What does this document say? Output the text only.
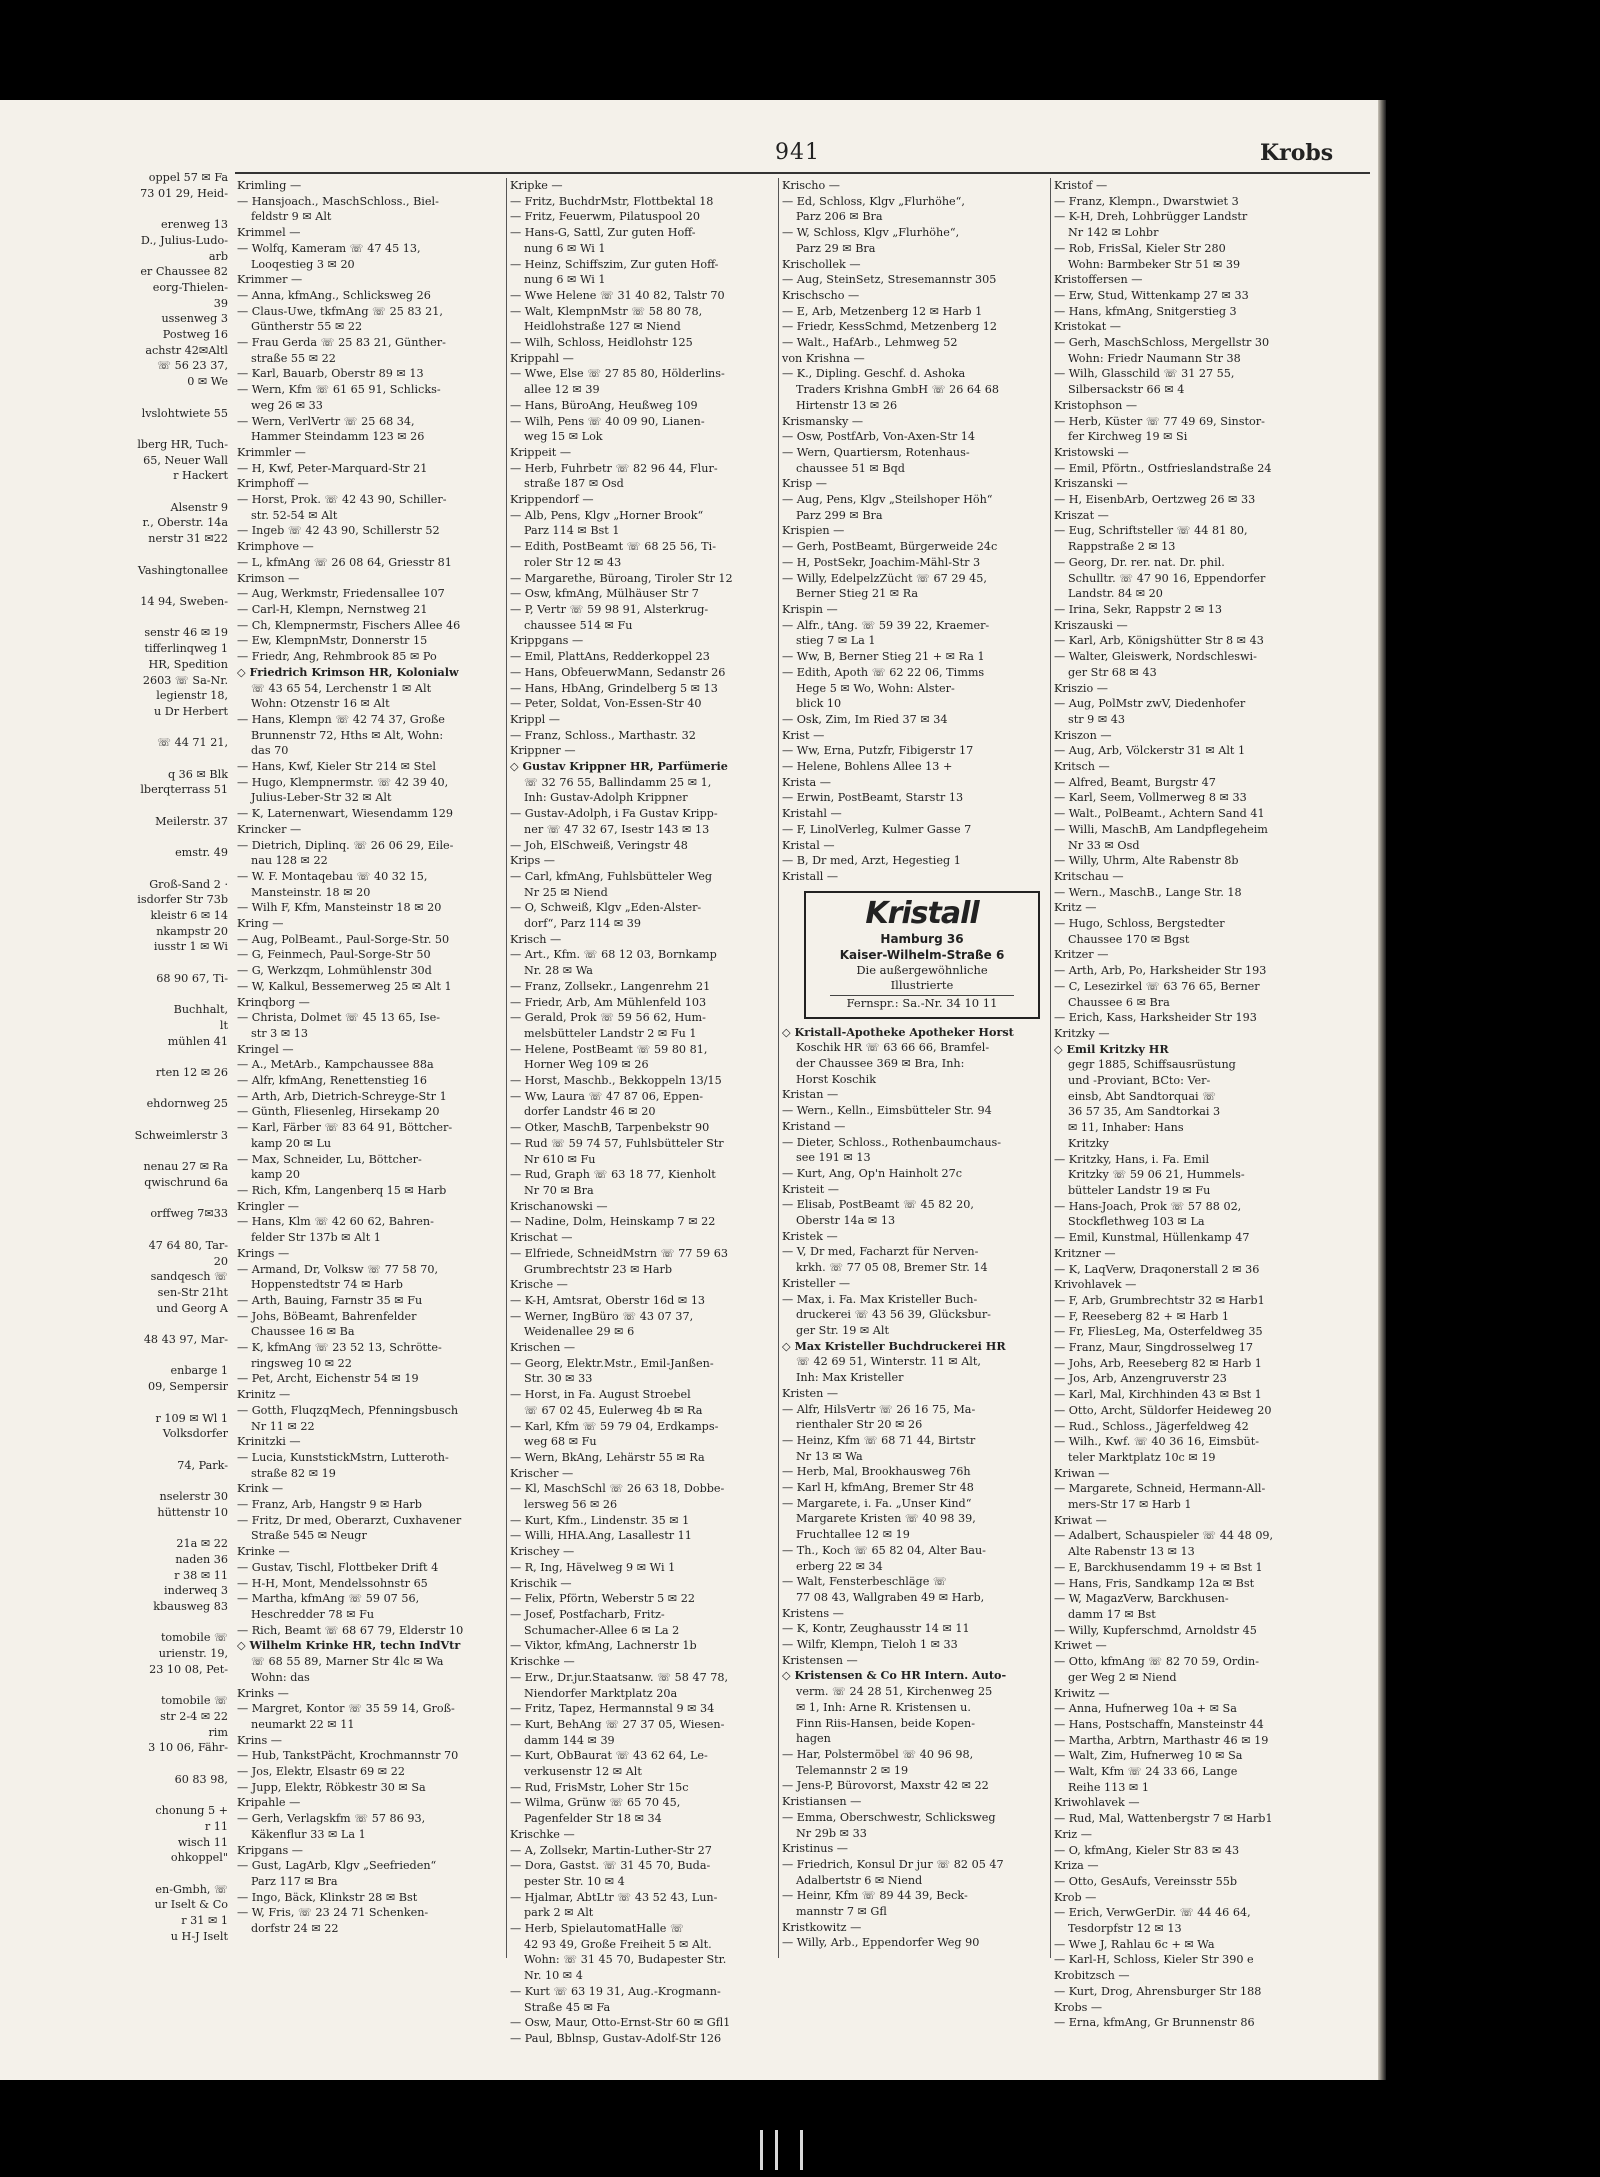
oppel 57 ✉ Fa
73 01 29, Heid-

erenweg 13
D., Julius-Ludo-
arb
er Chaussee 82
eorg-Thielen-
39
ussenweg 3
Postweg 16
achstr 42✉Altl
☏ 56 23 37,
0 ✉ We

lvslohtwiete 55

lberg HR, Tuch-
65, Neuer Wall
r Hackert

Alsenstr 9
r., Oberstr. 14a
nerstr 31 ✉22

Vashingtonallee

14 94, Sweben-

senstr 46 ✉ 19
tifferlinqweg 1
HR, Spedition
2603 ☏ Sa-Nr.
legienstr 18,
u Dr Herbert

☏ 44 71 21,

q 36 ✉ Blk
lberqterrass 51

Meilerstr. 37

emstr. 49

Groß-Sand 2 ·
isdorfer Str 73b
kleistr 6 ✉ 14
nkampstr 20
iusstr 1 ✉ Wi

68 90 67, Ti-

Buchhalt,
lt
mühlen 41

rten 12 ✉ 26

ehdornweg 25

Schweimlerstr 3

nenau 27 ✉ Ra
qwischrund 6a

orffweg 7✉33

47 64 80, Tar-
20
sandqesch ☏
sen-Str 21ht
und Georg A

48 43 97, Mar-

enbarge 1
09, Sempersir

r 109 ✉ Wl 1
Volksdorfer

74, Park-

nselerstr 30
hüttenstr 10

21a ✉ 22
naden 36
r 38 ✉ 11
inderweq 3
kbausweg 83

tomobile ☏
urienstr. 19,
23 10 08, Pet-

tomobile ☏
str 2-4 ✉ 22
rim
3 10 06, Fähr-

60 83 98,

chonung 5 +
r 11
wisch 11
ohkoppel"

en-Gmbh, ☏
ur Iselt & Co
r 31 ✉ 1
u H-J Iselt
941	Krobs
Krimling —
— Hansjoach., MaschSchloss., Biel-
feldstr 9 ✉ Alt
Krimmel —
— Wolfq, Kameram ☏ 47 45 13,
Looqestieg 3 ✉ 20
Krimmer —
— Anna, kfmAng., Schlicksweg 26
— Claus-Uwe, tkfmAng ☏ 25 83 21,
Güntherstr 55 ✉ 22
— Frau Gerda ☏ 25 83 21, Günther-
straße 55 ✉ 22
— Karl, Bauarb, Oberstr 89 ✉ 13
— Wern, Kfm ☏ 61 65 91, Schlicks-
weg 26 ✉ 33
— Wern, VerlVertr ☏ 25 68 34,
Hammer Steindamm 123 ✉ 26
Krimmler —
— H, Kwf, Peter-Marquard-Str 21
Krimphoff —
— Horst, Prok. ☏ 42 43 90, Schiller-
str. 52-54 ✉ Alt
— Ingeb ☏ 42 43 90, Schillerstr 52
Krimphove —
— L, kfmAng ☏ 26 08 64, Griesstr 81
Krimson —
— Aug, Werkmstr, Friedensallee 107
— Carl-H, Klempn, Nernstweg 21
— Ch, Klempnermstr, Fischers Allee 46
— Ew, KlempnMstr, Donnerstr 15
— Friedr, Ang, Rehmbrook 85 ✉ Po
◇ Friedrich Krimson HR, Kolonialw
☏ 43 65 54, Lerchenstr 1 ✉ Alt
Wohn: Otzenstr 16 ✉ Alt
— Hans, Klempn ☏ 42 74 37, Große
Brunnenstr 72, Hths ✉ Alt, Wohn:
das 70
— Hans, Kwf, Kieler Str 214 ✉ Stel
— Hugo, Klempnermstr. ☏ 42 39 40,
Julius-Leber-Str 32 ✉ Alt
— K, Laternenwart, Wiesendamm 129
Krincker —
— Dietrich, Diplinq. ☏ 26 06 29, Eile-
nau 128 ✉ 22
— W. F. Montaqebau ☏ 40 32 15,
Mansteinstr. 18 ✉ 20
— Wilh F, Kfm, Mansteinstr 18 ✉ 20
Kring —
— Aug, PolBeamt., Paul-Sorge-Str. 50
— G, Feinmech, Paul-Sorge-Str 50
— G, Werkzqm, Lohmühlenstr 30d
— W, Kalkul, Bessemerweg 25 ✉ Alt 1
Krinqborg —
— Christa, Dolmet ☏ 45 13 65, Ise-
str 3 ✉ 13
Kringel —
— A., MetArb., Kampchaussee 88a
— Alfr, kfmAng, Renettenstieg 16
— Arth, Arb, Dietrich-Schreyge-Str 1
— Günth, Fliesenleg, Hirsekamp 20
— Karl, Färber ☏ 83 64 91, Böttcher-
kamp 20 ✉ Lu
— Max, Schneider, Lu, Böttcher-
kamp 20
— Rich, Kfm, Langenberq 15 ✉ Harb
Kringler —
— Hans, Klm ☏ 42 60 62, Bahren-
felder Str 137b ✉ Alt 1
Krings —
— Armand, Dr, Volksw ☏ 77 58 70,
Hoppenstedtstr 74 ✉ Harb
— Arth, Bauing, Farnstr 35 ✉ Fu
— Johs, BöBeamt, Bahrenfelder
Chaussee 16 ✉ Ba
— K, kfmAng ☏ 23 52 13, Schrötte-
ringsweg 10 ✉ 22
— Pet, Archt, Eichenstr 54 ✉ 19
Krinitz —
— Gotth, FluqzqMech, Pfenningsbusch
Nr 11 ✉ 22
Krinitzki —
— Lucia, KunststickMstrn, Lutteroth-
straße 82 ✉ 19
Krink —
— Franz, Arb, Hangstr 9 ✉ Harb
— Fritz, Dr med, Oberarzt, Cuxhavener
Straße 545 ✉ Neugr
Krinke —
— Gustav, Tischl, Flottbeker Drift 4
— H-H, Mont, Mendelssohnstr 65
— Martha, kfmAng ☏ 59 07 56,
Heschredder 78 ✉ Fu
— Rich, Beamt ☏ 68 67 79, Elderstr 10
◇ Wilhelm Krinke HR, techn IndVtr
☏ 68 55 89, Marner Str 4lc ✉ Wa
Wohn: das
Krinks —
— Margret, Kontor ☏ 35 59 14, Groß-
neumarkt 22 ✉ 11
Krins —
— Hub, TankstPächt, Krochmannstr 70
— Jos, Elektr, Elsastr 69 ✉ 22
— Jupp, Elektr, Röbkestr 30 ✉ Sa
Kripahle —
— Gerh, Verlagskfm ☏ 57 86 93,
Käkenflur 33 ✉ La 1
Kripgans —
— Gust, LagArb, Klgv „Seefrieden“
Parz 117 ✉ Bra
— Ingo, Bäck, Klinkstr 28 ✉ Bst
— W, Fris, ☏ 23 24 71 Schenken-
dorfstr 24 ✉ 22
Kripke —
— Fritz, BuchdrMstr, Flottbektal 18
— Fritz, Feuerwm, Pilatuspool 20
— Hans-G, Sattl, Zur guten Hoff-
nung 6 ✉ Wi 1
— Heinz, Schiffszim, Zur guten Hoff-
nung 6 ✉ Wi 1
— Wwe Helene ☏ 31 40 82, Talstr 70
— Walt, KlempnMstr ☏ 58 80 78,
Heidlohstraße 127 ✉ Niend
— Wilh, Schloss, Heidlohstr 125
Krippahl —
— Wwe, Else ☏ 27 85 80, Hölderlins-
allee 12 ✉ 39
— Hans, BüroAng, Heußweg 109
— Wilh, Pens ☏ 40 09 90, Lianen-
weg 15 ✉ Lok
Krippeit —
— Herb, Fuhrbetr ☏ 82 96 44, Flur-
straße 187 ✉ Osd
Krippendorf —
— Alb, Pens, Klgv „Horner Brook“
Parz 114 ✉ Bst 1
— Edith, PostBeamt ☏ 68 25 56, Ti-
roler Str 12 ✉ 43
— Margarethe, Büroang, Tiroler Str 12
— Osw, kfmAng, Mülhäuser Str 7
— P, Vertr ☏ 59 98 91, Alsterkrug-
chaussee 514 ✉ Fu
Krippgans —
— Emil, PlattAns, Redderkoppel 23
— Hans, ObfeuerwMann, Sedanstr 26
— Hans, HbAng, Grindelberg 5 ✉ 13
— Peter, Soldat, Von-Essen-Str 40
Krippl —
— Franz, Schloss., Marthastr. 32
Krippner —
◇ Gustav Krippner HR, Parfümerie
☏ 32 76 55, Ballindamm 25 ✉ 1,
Inh: Gustav-Adolph Krippner
— Gustav-Adolph, i Fa Gustav Kripp-
ner ☏ 47 32 67, Isestr 143 ✉ 13
— Joh, ElSchweiß, Veringstr 48
Krips —
— Carl, kfmAng, Fuhlsbütteler Weg
Nr 25 ✉ Niend
— O, Schweiß, Klgv „Eden-Alster-
dorf“, Parz 114 ✉ 39
Krisch —
— Art., Kfm. ☏ 68 12 03, Bornkamp
Nr. 28 ✉ Wa
— Franz, Zollsekr., Langenrehm 21
— Friedr, Arb, Am Mühlenfeld 103
— Gerald, Prok ☏ 59 56 62, Hum-
melsbütteler Landstr 2 ✉ Fu 1
— Helene, PostBeamt ☏ 59 80 81,
Horner Weg 109 ✉ 26
— Horst, Maschb., Bekkoppeln 13/15
— Ww, Laura ☏ 47 87 06, Eppen-
dorfer Landstr 46 ✉ 20
— Otker, MaschB, Tarpenbekstr 90
— Rud ☏ 59 74 57, Fuhlsbütteler Str
Nr 610 ✉ Fu
— Rud, Graph ☏ 63 18 77, Kienholt
Nr 70 ✉ Bra
Krischanowski —
— Nadine, Dolm, Heinskamp 7 ✉ 22
Krischat —
— Elfriede, SchneidMstrn ☏ 77 59 63
Grumbrechtstr 23 ✉ Harb
Krische —
— K-H, Amtsrat, Oberstr 16d ✉ 13
— Werner, IngBüro ☏ 43 07 37,
Weidenallee 29 ✉ 6
Krischen —
— Georg, Elektr.Mstr., Emil-Janßen-
Str. 30 ✉ 33
— Horst, in Fa. August Stroebel
☏ 67 02 45, Eulerweg 4b ✉ Ra
— Karl, Kfm ☏ 59 79 04, Erdkamps-
weg 68 ✉ Fu
— Wern, BkAng, Lehärstr 55 ✉ Ra
Krischer —
— Kl, MaschSchl ☏ 26 63 18, Dobbe-
lersweg 56 ✉ 26
— Kurt, Kfm., Lindenstr. 35 ✉ 1
— Willi, HHA.Ang, Lasallestr 11
Krischey —
— R, Ing, Hävelweg 9 ✉ Wi 1
Krischik —
— Felix, Pförtn, Weberstr 5 ✉ 22
— Josef, Postfacharb, Fritz-
Schumacher-Allee 6 ✉ La 2
— Viktor, kfmAng, Lachnerstr 1b
Krischke —
— Erw., Dr.jur.Staatsanw. ☏ 58 47 78,
Niendorfer Marktplatz 20a
— Fritz, Tapez, Hermannstal 9 ✉ 34
— Kurt, BehAng ☏ 27 37 05, Wiesen-
damm 144 ✉ 39
— Kurt, ObBaurat ☏ 43 62 64, Le-
verkusenstr 12 ✉ Alt
— Rud, FrisMstr, Loher Str 15c
— Wilma, Grünw ☏ 65 70 45,
Pagenfelder Str 18 ✉ 34
Krischke —
— A, Zollsekr, Martin-Luther-Str 27
— Dora, Gastst. ☏ 31 45 70, Buda-
pester Str. 10 ✉ 4
— Hjalmar, AbtLtr ☏ 43 52 43, Lun-
park 2 ✉ Alt
— Herb, SpielautomatHalle ☏
42 93 49, Große Freiheit 5 ✉ Alt.
Wohn: ☏ 31 45 70, Budapester Str.
Nr. 10 ✉ 4
— Kurt ☏ 63 19 31, Aug.-Krogmann-
Straße 45 ✉ Fa
— Osw, Maur, Otto-Ernst-Str 60 ✉ Gfl1
— Paul, Bblnsp, Gustav-Adolf-Str 126
Krischo —
— Ed, Schloss, Klgv „Flurhöhe“,
Parz 206 ✉ Bra
— W, Schloss, Klgv „Flurhöhe“,
Parz 29 ✉ Bra
Krischollek —
— Aug, SteinSetz, Stresemannstr 305
Krischscho —
— E, Arb, Metzenberg 12 ✉ Harb 1
— Friedr, KessSchmd, Metzenberg 12
— Walt., HafArb., Lehmweg 52
von Krishna —
— K., Dipling. Geschf. d. Ashoka
Traders Krishna GmbH ☏ 26 64 68
Hirtenstr 13 ✉ 26
Krismansky —
— Osw, PostfArb, Von-Axen-Str 14
— Wern, Quartiersm, Rotenhaus-
chaussee 51 ✉ Bqd
Krisp —
— Aug, Pens, Klgv „Steilshoper Höh“
Parz 299 ✉ Bra
Krispien —
— Gerh, PostBeamt, Bürgerweide 24c
— H, PostSekr, Joachim-Mähl-Str 3
— Willy, EdelpelzZücht ☏ 67 29 45,
Berner Stieg 21 ✉ Ra
Krispin —
— Alfr., tAng. ☏ 59 39 22, Kraemer-
stieg 7 ✉ La 1
— Ww, B, Berner Stieg 21 + ✉ Ra 1
— Edith, Apoth ☏ 62 22 06, Timms
Hege 5 ✉ Wo, Wohn: Alster-
blick 10
— Osk, Zim, Im Ried 37 ✉ 34
Krist —
— Ww, Erna, Putzfr, Fibigerstr 17
— Helene, Bohlens Allee 13 +
Krista —
— Erwin, PostBeamt, Starstr 13
Kristahl —
— F, LinolVerleg, Kulmer Gasse 7
Kristal —
— B, Dr med, Arzt, Hegestieg 1
Kristall —
Kristall
Hamburg 36
Kaiser-Wilhelm-Straße 6
Die außergewöhnliche
Illustrierte
Fernspr.: Sa.-Nr. 34 10 11
◇ Kristall-Apotheke Apotheker Horst
Koschik HR ☏ 63 66 66, Bramfel-
der Chaussee 369 ✉ Bra, Inh:
Horst Koschik
Kristan —
— Wern., Kelln., Eimsbütteler Str. 94
Kristand —
— Dieter, Schloss., Rothenbaumchaus-
see 191 ✉ 13
— Kurt, Ang, Op'n Hainholt 27c
Kristeit —
— Elisab, PostBeamt ☏ 45 82 20,
Oberstr 14a ✉ 13
Kristek —
— V, Dr med, Facharzt für Nerven-
krkh. ☏ 77 05 08, Bremer Str. 14
Kristeller —
— Max, i. Fa. Max Kristeller Buch-
druckerei ☏ 43 56 39, Glücksbur-
ger Str. 19 ✉ Alt
◇ Max Kristeller Buchdruckerei HR
☏ 42 69 51, Winterstr. 11 ✉ Alt,
Inh: Max Kristeller
Kristen —
— Alfr, HilsVertr ☏ 26 16 75, Ma-
rienthaler Str 20 ✉ 26
— Heinz, Kfm ☏ 68 71 44, Birtstr
Nr 13 ✉ Wa
— Herb, Mal, Brookhausweg 76h
— Karl H, kfmAng, Bremer Str 48
— Margarete, i. Fa. „Unser Kind“
Margarete Kristen ☏ 40 98 39,
Fruchtallee 12 ✉ 19
— Th., Koch ☏ 65 82 04, Alter Bau-
erberg 22 ✉ 34
— Walt, Fensterbeschläge ☏
77 08 43, Wallgraben 49 ✉ Harb,
Kristens —
— K, Kontr, Zeughausstr 14 ✉ 11
— Wilfr, Klempn, Tieloh 1 ✉ 33
Kristensen —
◇ Kristensen & Co HR Intern. Auto-
verm. ☏ 24 28 51, Kirchenweg 25
✉ 1, Inh: Arne R. Kristensen u.
Finn Riis-Hansen, beide Kopen-
hagen
— Har, Polstermöbel ☏ 40 96 98,
Telemannstr 2 ✉ 19
— Jens-P, Bürovorst, Maxstr 42 ✉ 22
Kristiansen —
— Emma, Oberschwestr, Schlicksweg
Nr 29b ✉ 33
Kristinus —
— Friedrich, Konsul Dr jur ☏ 82 05 47
Adalbertstr 6 ✉ Niend
— Heinr, Kfm ☏ 89 44 39, Beck-
mannstr 7 ✉ Gfl
Kristkowitz —
— Willy, Arb., Eppendorfer Weg 90
Kristof —
— Franz, Klempn., Dwarstwiet 3
— K-H, Dreh, Lohbrügger Landstr
Nr 142 ✉ Lohbr
— Rob, FrisSal, Kieler Str 280
Wohn: Barmbeker Str 51 ✉ 39
Kristoffersen —
— Erw, Stud, Wittenkamp 27 ✉ 33
— Hans, kfmAng, Snitgerstieg 3
Kristokat —
— Gerh, MaschSchloss, Mergellstr 30
Wohn: Friedr Naumann Str 38
— Wilh, Glasschild ☏ 31 27 55,
Silbersackstr 66 ✉ 4
Kristophson —
— Herb, Küster ☏ 77 49 69, Sinstor-
fer Kirchweg 19 ✉ Si
Kristowski —
— Emil, Pförtn., Ostfrieslandstraße 24
Kriszanski —
— H, EisenbArb, Oertzweg 26 ✉ 33
Kriszat —
— Eug, Schriftsteller ☏ 44 81 80,
Rappstraße 2 ✉ 13
— Georg, Dr. rer. nat. Dr. phil.
Schulltr. ☏ 47 90 16, Eppendorfer
Landstr. 84 ✉ 20
— Irina, Sekr, Rappstr 2 ✉ 13
Kriszauski —
— Karl, Arb, Königshütter Str 8 ✉ 43
— Walter, Gleiswerk, Nordschleswi-
ger Str 68 ✉ 43
Kriszio —
— Aug, PolMstr zwV, Diedenhofer
str 9 ✉ 43
Kriszon —
— Aug, Arb, Völckerstr 31 ✉ Alt 1
Kritsch —
— Alfred, Beamt, Burgstr 47
— Karl, Seem, Vollmerweg 8 ✉ 33
— Walt., PolBeamt., Achtern Sand 41
— Willi, MaschB, Am Landpflegeheim
Nr 33 ✉ Osd
— Willy, Uhrm, Alte Rabenstr 8b
Kritschau —
— Wern., MaschB., Lange Str. 18
Kritz —
— Hugo, Schloss, Bergstedter
Chaussee 170 ✉ Bgst
Kritzer —
— Arth, Arb, Po, Harksheider Str 193
— C, Lesezirkel ☏ 63 76 65, Berner
Chaussee 6 ✉ Bra
— Erich, Kass, Harksheider Str 193
Kritzky —
◇ Emil Kritzky HR
gegr 1885, Schiffsausrüstung
und -Proviant, BCto: Ver-
einsb, Abt Sandtorquai ☏
36 57 35, Am Sandtorkai 3
✉ 11, Inhaber: Hans
Kritzky
— Kritzky, Hans, i. Fa. Emil
Kritzky ☏ 59 06 21, Hummels-
bütteler Landstr 19 ✉ Fu
— Hans-Joach, Prok ☏ 57 88 02,
Stockflethweg 103 ✉ La
— Emil, Kunstmal, Hüllenkamp 47
Kritzner —
— K, LaqVerw, Draqonerstall 2 ✉ 36
Krivohlavek —
— F, Arb, Grumbrechtstr 32 ✉ Harb1
— F, Reeseberg 82 + ✉ Harb 1
— Fr, FliesLeg, Ma, Osterfeldweg 35
— Franz, Maur, Singdrosselweg 17
— Johs, Arb, Reeseberg 82 ✉ Harb 1
— Jos, Arb, Anzengruverstr 23
— Karl, Mal, Kirchhinden 43 ✉ Bst 1
— Otto, Archt, Süldorfer Heideweg 20
— Rud., Schloss., Jägerfeldweg 42
— Wilh., Kwf. ☏ 40 36 16, Eimsbüt-
teler Marktplatz 10c ✉ 19
Kriwan —
— Margarete, Schneid, Hermann-All-
mers-Str 17 ✉ Harb 1
Kriwat —
— Adalbert, Schauspieler ☏ 44 48 09,
Alte Rabenstr 13 ✉ 13
— E, Barckhusendamm 19 + ✉ Bst 1
— Hans, Fris, Sandkamp 12a ✉ Bst
— W, MagazVerw, Barckhusen-
damm 17 ✉ Bst
— Willy, Kupferschmd, Arnoldstr 45
Kriwet —
— Otto, kfmAng ☏ 82 70 59, Ordin-
ger Weg 2 ✉ Niend
Kriwitz —
— Anna, Hufnerweg 10a + ✉ Sa
— Hans, Postschaffn, Mansteinstr 44
— Martha, Arbtrn, Marthastr 46 ✉ 19
— Walt, Zim, Hufnerweg 10 ✉ Sa
— Walt, Kfm ☏ 24 33 66, Lange
Reihe 113 ✉ 1
Kriwohlavek —
— Rud, Mal, Wattenbergstr 7 ✉ Harb1
Kriz —
— O, kfmAng, Kieler Str 83 ✉ 43
Kriza —
— Otto, GesAufs, Vereinsstr 55b
Krob —
— Erich, VerwGerDir. ☏ 44 46 64,
Tesdorpfstr 12 ✉ 13
— Wwe J, Rahlau 6c + ✉ Wa
— Karl-H, Schloss, Kieler Str 390 e
Krobitzsch —
— Kurt, Drog, Ahrensburger Str 188
Krobs —
— Erna, kfmAng, Gr Brunnenstr 86
